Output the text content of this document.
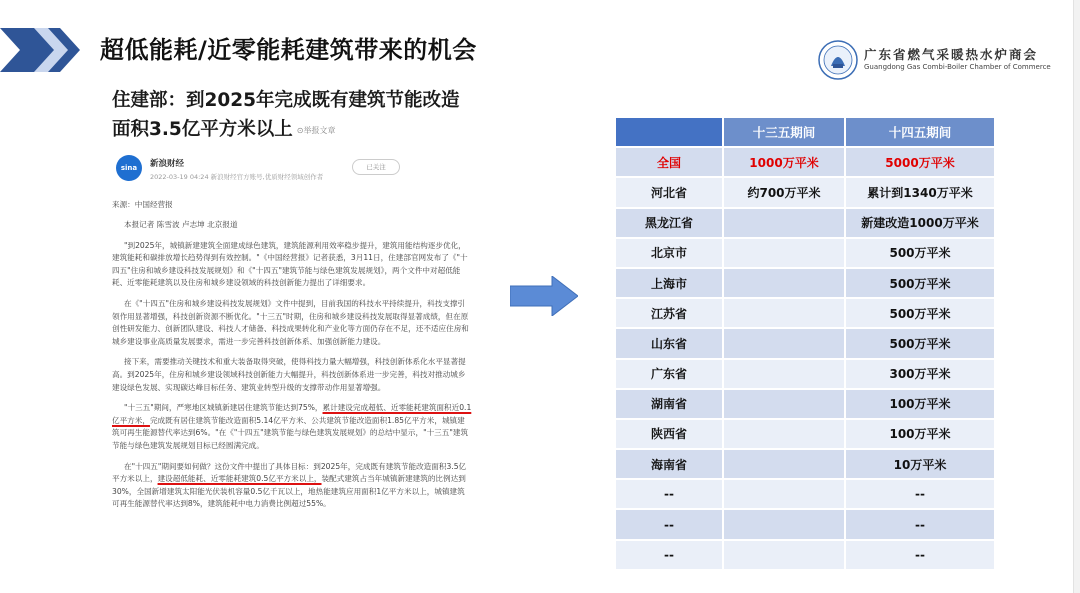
超低能耗/近零能耗建筑带来的机会	广东省燃气采暖热水炉商会
Guangdong Gas Combi-Boiler Chamber of Commerce
住建部：到2025年完成既有建筑节能改造面积3.5亿平方米以上 ⊙举报文章
sina	新浪财经
2022-03-19 04:24 新浪财经官方账号,优质财经领域创作者
已关注

来源：中国经营报

本报记者 陈雪波 卢志坤 北京报道

"到2025年，城镇新建建筑全面建成绿色建筑，建筑能源利用效率稳步提升，建筑用能结构逐步优化，建筑能耗和碳排放增长趋势得到有效控制。"《中国经营报》记者获悉，3月11日，住建部官网发布了《"十四五"住房和城乡建设科技发展规划》和《"十四五"建筑节能与绿色建筑发展规划》，两个文件中对超低能耗、近零能耗建筑以及住房和城乡建设领域的科技创新能力提出了详细要求。

在《"十四五"住房和城乡建设科技发展规划》文件中提到，目前我国的科技水平持续提升，科技支撑引领作用显著增强，科技创新资源不断优化。"十三五"时期，住房和城乡建设科技发展取得显著成绩，但在原创性研发能力、创新团队建设、科技人才储备、科技成果转化和产业化等方面仍存在不足，还不适应住房和城乡建设事业高质量发展要求，需进一步完善科技创新体系、加强创新能力建设。

接下来，需要推动关键技术和重大装备取得突破，使得科技力量大幅增强，科技创新体系化水平显著提高。到2025年，住房和城乡建设领域科技创新能力大幅提升，科技创新体系进一步完善，科技对推动城乡建设绿色发展、实现碳达峰目标任务、建筑业转型升级的支撑带动作用显著增强。

"十三五"期间，严寒地区城镇新建居住建筑节能达到75%，累计建设完成超低、近零能耗建筑面积近0.1亿平方米，完成既有居住建筑节能改造面积5.14亿平方米、公共建筑节能改造面积1.85亿平方米，城镇建筑可再生能源替代率达到6%。"在《"十四五"建筑节能与绿色建筑发展规划》的总结中显示，"十三五"建筑节能与绿色建筑发展规划目标已经圆满完成。

在"十四五"期间要如何做？这份文件中提出了具体目标：到2025年，完成既有建筑节能改造面积3.5亿平方米以上，建设超低能耗、近零能耗建筑0.5亿平方米以上，装配式建筑占当年城镇新建建筑的比例达到30%，全国新增建筑太阳能光伏装机容量0.5亿千瓦以上，地热能建筑应用面积1亿平方米以上，城镇建筑可再生能源替代率达到8%，建筑能耗中电力消费比例超过55%。

	十三五期间	十四五期间
全国	1000万平米	5000万平米
河北省	约700万平米	累计到1340万平米
黑龙江省		新建改造1000万平米
北京市		500万平米
上海市		500万平米
江苏省		500万平米
山东省		500万平米
广东省		300万平米
湖南省		100万平米
陕西省		100万平米
海南省		10万平米
--		--
--		--
--		--
